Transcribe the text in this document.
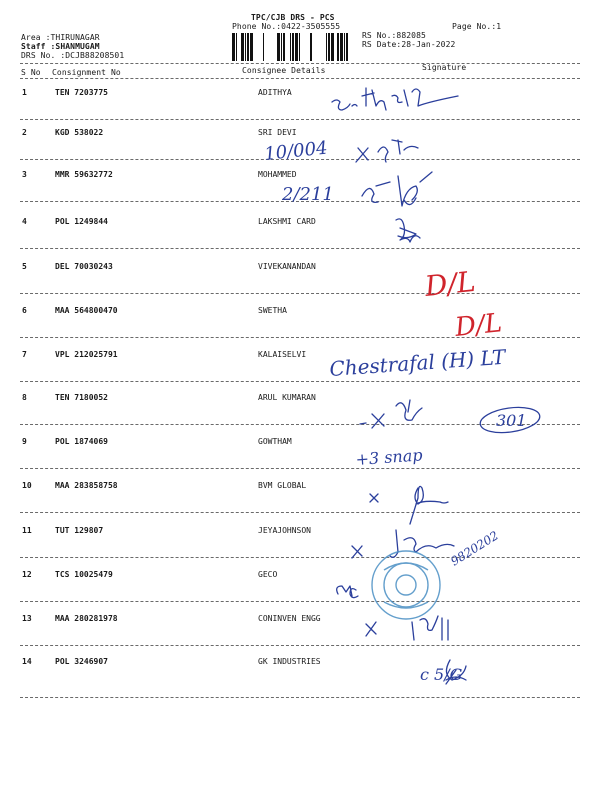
TPC/CJB DRS - PCS
Phone No.:0422-3505555	Page No.:1
Area :THIRUNAGAR
Staff :SHANMUGAM
DRS No. :DCJB88208501
RS No.:882085
RS Date:28-Jan-2022
S No Consignment No	Consignee Details	Signature
1	TEN 7203775	ADITHYA
2	KGD 538022	SRI DEVI
3	MMR 59632772	MOHAMMED
4	POL 1249844	LAKSHMI CARD
5	DEL 70030243	VIVEKANANDAN
6	MAA 564800470	SWETHA
7	VPL 212025791	KALAISELVI
8	TEN 7180052	ARUL KUMARAN
9	POL 1874069	GOWTHAM
10	MAA 283858758	BVM GLOBAL
11	TUT 129807	JEYAJOHNSON
12	TCS 10025479	GECO
13	MAA 280281978	CONINVEN ENGG
14	POL 3246907	GK INDUSTRIES
10/004
2/211
Chestrafal (H) LT
301
+3 snap
9820202
c 5/G
D/L
D/L
